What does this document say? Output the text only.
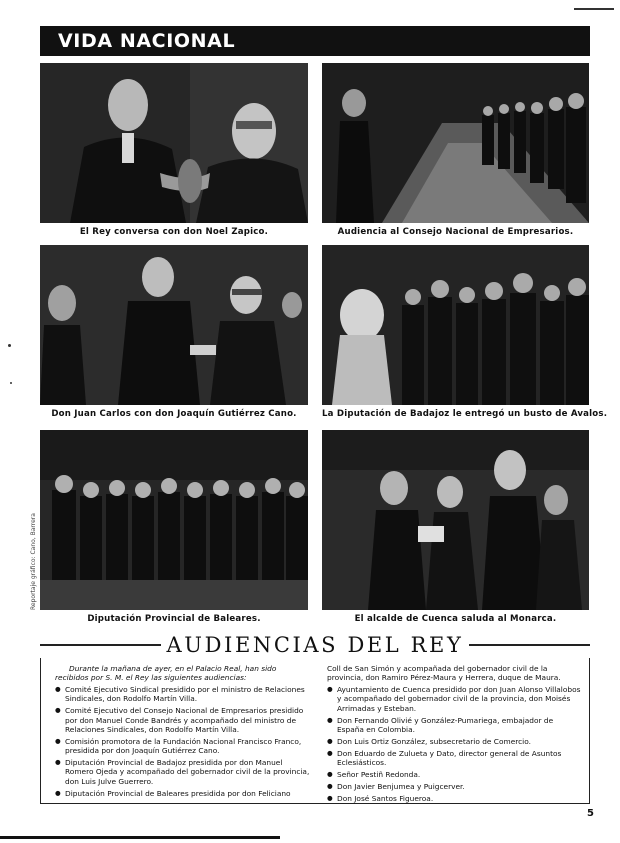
VIDA NACIONAL
El Rey conversa con don Noel Zapico.	Audiencia al Consejo Nacional de Empresarios.
Don Juan Carlos con don Joaquín Gutiérrez Cano.	La Diputación de Badajoz le entregó un busto de Avalos.
Diputación Provincial de Baleares.	El alcalde de Cuenca saluda al Monarca.
Reportaje gráfico: Cano, Barrera
AUDIENCIAS DEL REY

Durante la mañana de ayer, en el Palacio Real, han sido recibidos por S. M. el Rey las siguientes audiencias:

● Comité Ejecutivo Sindical presidido por el ministro de Relaciones Sindicales, don Rodolfo Martín Villa.

● Comité Ejecutivo del Consejo Nacional de Empresarios presidido por don Manuel Conde Bandrés y acompañado del ministro de Relaciones Sindicales, don Rodolfo Martín Villa.

● Comisión promotora de la Fundación Nacional Francisco Franco, presidida por don Joaquín Gutiérrez Cano.

● Diputación Provincial de Badajoz presidida por don Manuel Romero Ojeda y acompañado del gobernador civil de la provincia, don Luis Julve Guerrero.

● Diputación Provincial de Baleares presidida por don Feliciano

Coll de San Simón y acompañada del gobernador civil de la provincia, don Ramiro Pérez-Maura y Herrera, duque de Maura.

● Ayuntamiento de Cuenca presidido por don Juan Alonso Villalobos y acompañado del gobernador civil de la provincia, don Moisés Arrimadas y Esteban.

● Don Fernando Olivié y González-Pumariega, embajador de España en Colombia.

● Don Luis Ortiz González, subsecretario de Comercio.

● Don Eduardo de Zulueta y Dato, director general de Asuntos Eclesiásticos.

● Señor Pestiñ Redonda.

● Don Javier Benjumea y Puigcerver.

● Don José Santos Figueroa.

5
